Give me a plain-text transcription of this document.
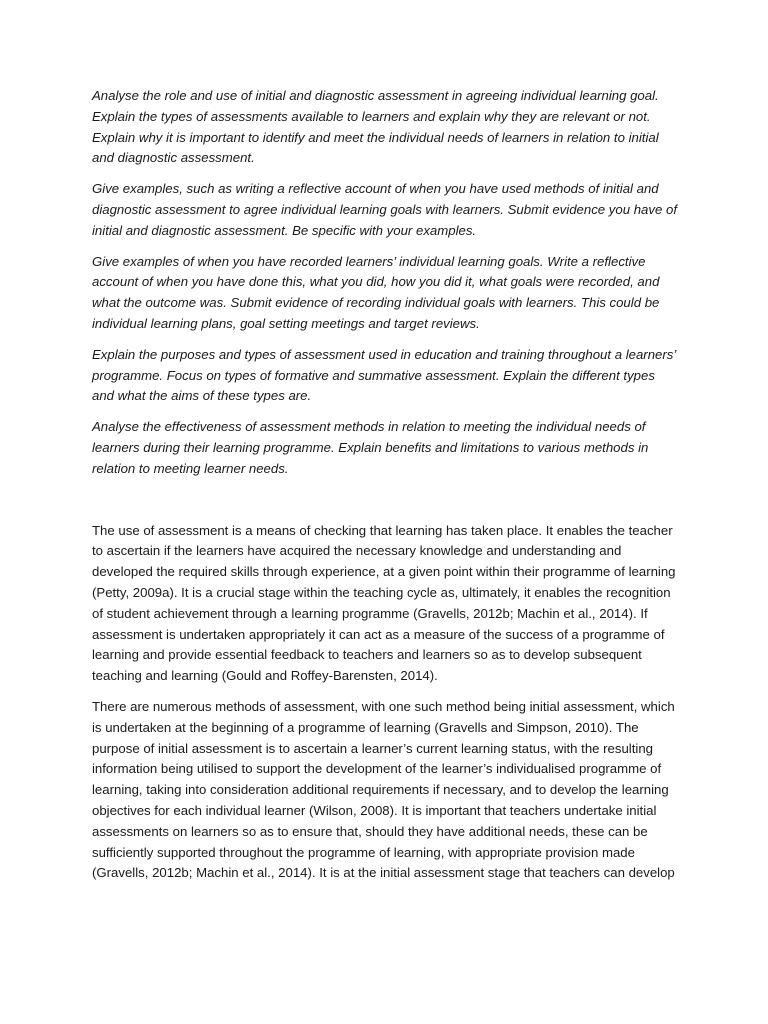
Analyse the role and use of initial and diagnostic assessment in agreeing individual learning goal. Explain the types of assessments available to learners and explain why they are relevant or not. Explain why it is important to identify and meet the individual needs of learners in relation to initial and diagnostic assessment.

Give examples, such as writing a reflective account of when you have used methods of initial and diagnostic assessment to agree individual learning goals with learners. Submit evidence you have of initial and diagnostic assessment. Be specific with your examples.

Give examples of when you have recorded learners’ individual learning goals. Write a reflective account of when you have done this, what you did, how you did it, what goals were recorded, and what the outcome was. Submit evidence of recording individual goals with learners. This could be individual learning plans, goal setting meetings and target reviews.

Explain the purposes and types of assessment used in education and training throughout a learners’ programme. Focus on types of formative and summative assessment. Explain the different types and what the aims of these types are.

Analyse the effectiveness of assessment methods in relation to meeting the individual needs of learners during their learning programme. Explain benefits and limitations to various methods in relation to meeting learner needs.

The use of assessment is a means of checking that learning has taken place. It enables the teacher to ascertain if the learners have acquired the necessary knowledge and understanding and developed the required skills through experience, at a given point within their programme of learning (Petty, 2009a). It is a crucial stage within the teaching cycle as, ultimately, it enables the recognition of student achievement through a learning programme (Gravells, 2012b; Machin et al., 2014). If assessment is undertaken appropriately it can act as a measure of the success of a programme of learning and provide essential feedback to teachers and learners so as to develop subsequent teaching and learning (Gould and Roffey-Barensten, 2014).

There are numerous methods of assessment, with one such method being initial assessment, which is undertaken at the beginning of a programme of learning (Gravells and Simpson, 2010). The purpose of initial assessment is to ascertain a learner’s current learning status, with the resulting information being utilised to support the development of the learner’s individualised programme of learning, taking into consideration additional requirements if necessary, and to develop the learning objectives for each individual learner (Wilson, 2008). It is important that teachers undertake initial assessments on learners so as to ensure that, should they have additional needs, these can be sufficiently supported throughout the programme of learning, with appropriate provision made (Gravells, 2012b; Machin et al., 2014). It is at the initial assessment stage that teachers can develop
